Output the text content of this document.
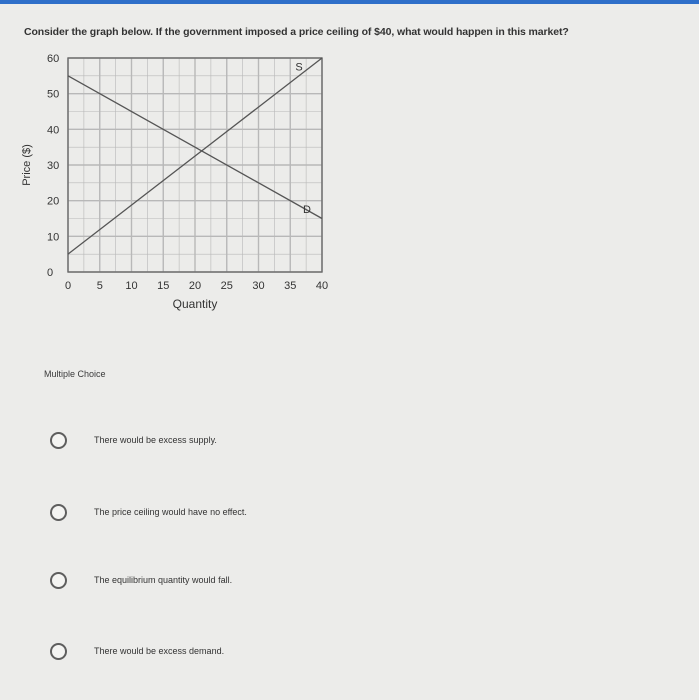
Consider the graph below. If the government imposed a price ceiling of $40, what would happen in this market?
S
D
0
10
20
30
40
50
60
0 5 10 15 20 25 30 35 40
Quantity
Price ($)
Multiple Choice
There would be excess supply.
The price ceiling would have no effect.
The equilibrium quantity would fall.
There would be excess demand.
